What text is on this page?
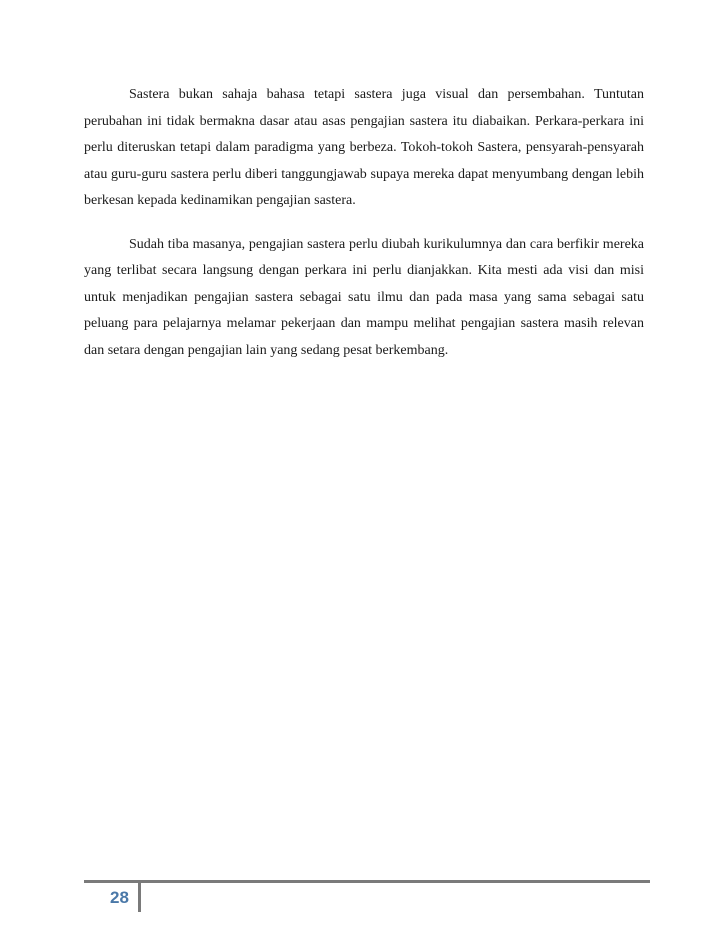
Sastera bukan sahaja bahasa tetapi sastera juga visual dan persembahan. Tuntutan perubahan ini tidak bermakna dasar atau asas pengajian sastera itu diabaikan. Perkara-perkara ini perlu diteruskan tetapi dalam paradigma yang berbeza. Tokoh-tokoh Sastera, pensyarah-pensyarah atau guru-guru sastera perlu diberi tanggungjawab supaya mereka dapat menyumbang dengan lebih berkesan kepada kedinamikan pengajian sastera.

Sudah tiba masanya, pengajian sastera perlu diubah kurikulumnya dan cara berfikir mereka yang terlibat secara langsung dengan perkara ini perlu dianjakkan. Kita mesti ada visi dan misi untuk menjadikan pengajian sastera sebagai satu ilmu dan pada masa yang sama sebagai satu peluang para pelajarnya melamar pekerjaan dan mampu melihat pengajian sastera masih relevan dan setara dengan pengajian lain yang sedang pesat berkembang.

28
